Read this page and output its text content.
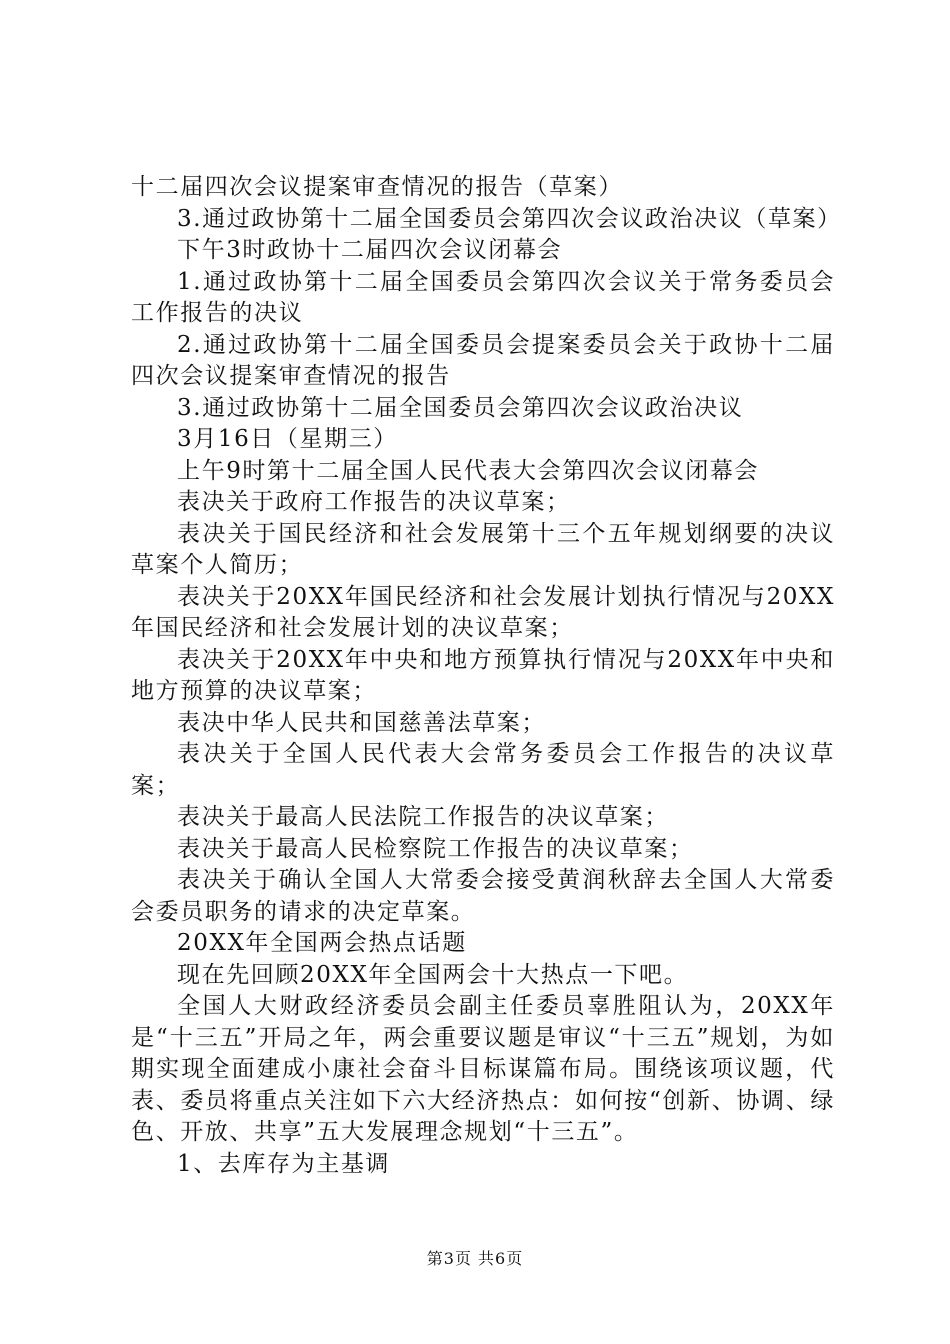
十二届四次会议提案审查情况的报告（草案）

3.通过政协第十二届全国委员会第四次会议政治决议（草案）

下午3时政协十二届四次会议闭幕会

1.通过政协第十二届全国委员会第四次会议关于常务委员会工作报告的决议

2.通过政协第十二届全国委员会提案委员会关于政协十二届四次会议提案审查情况的报告

3.通过政协第十二届全国委员会第四次会议政治决议

3月16日（星期三）

上午9时第十二届全国人民代表大会第四次会议闭幕会

表决关于政府工作报告的决议草案；

表决关于国民经济和社会发展第十三个五年规划纲要的决议草案个人简历；

表决关于20XX年国民经济和社会发展计划执行情况与20XX年国民经济和社会发展计划的决议草案；

表决关于20XX年中央和地方预算执行情况与20XX年中央和地方预算的决议草案；

表决中华人民共和国慈善法草案；

表决关于全国人民代表大会常务委员会工作报告的决议草案；

表决关于最高人民法院工作报告的决议草案；

表决关于最高人民检察院工作报告的决议草案；

表决关于确认全国人大常委会接受黄润秋辞去全国人大常委会委员职务的请求的决定草案。

20XX年全国两会热点话题

现在先回顾20XX年全国两会十大热点一下吧。

全国人大财政经济委员会副主任委员辜胜阻认为，20XX年是“十三五”开局之年，两会重要议题是审议“十三五”规划，为如期实现全面建成小康社会奋斗目标谋篇布局。围绕该项议题，代表、委员将重点关注如下六大经济热点：如何按“创新、协调、绿色、开放、共享”五大发展理念规划“十三五”。

1、去库存为主基调

第3页 共6页
